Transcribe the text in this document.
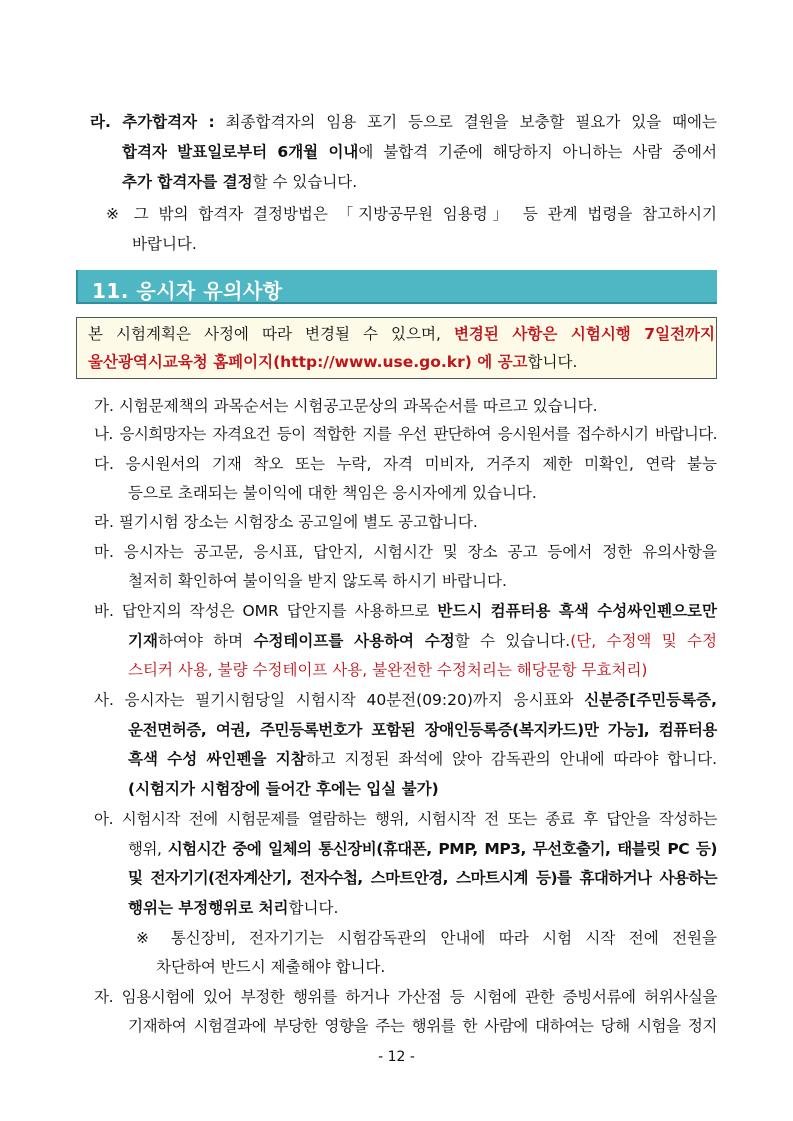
라. 추가합격자 : 최종합격자의 임용 포기 등으로 결원을 보충할 필요가 있을 때에는
합격자 발표일로부터 6개월 이내에 불합격 기준에 해당하지 아니하는 사람 중에서
추가 합격자를 결정할 수 있습니다.
※ 그 밖의 합격자 결정방법은 「지방공무원 임용령」 등 관계 법령을 참고하시기
바랍니다.
11. 응시자 유의사항
본 시험계획은 사정에 따라 변경될 수 있으며, 변경된 사항은 시험시행 7일전까지
울산광역시교육청 홈페이지(http://www.use.go.kr) 에 공고합니다.
가. 시험문제책의 과목순서는 시험공고문상의 과목순서를 따르고 있습니다.
나. 응시희망자는 자격요건 등이 적합한 지를 우선 판단하여 응시원서를 접수하시기 바랍니다.
다. 응시원서의 기재 착오 또는 누락, 자격 미비자, 거주지 제한 미확인, 연락 불능
등으로 초래되는 불이익에 대한 책임은 응시자에게 있습니다.
라. 필기시험 장소는 시험장소 공고일에 별도 공고합니다.
마. 응시자는 공고문, 응시표, 답안지, 시험시간 및 장소 공고 등에서 정한 유의사항을
철저히 확인하여 불이익을 받지 않도록 하시기 바랍니다.
바. 답안지의 작성은 OMR 답안지를 사용하므로 반드시 컴퓨터용 흑색 수성싸인펜으로만
기재하여야 하며 수정테이프를 사용하여 수정할 수 있습니다.(단, 수정액 및 수정
스티커 사용, 불량 수정테이프 사용, 불완전한 수정처리는 해당문항 무효처리)
사. 응시자는 필기시험당일 시험시작 40분전(09:20)까지 응시표와 신분증[주민등록증,
운전면허증, 여권, 주민등록번호가 포함된 장애인등록증(복지카드)만 가능], 컴퓨터용
흑색 수성 싸인펜을 지참하고 지정된 좌석에 앉아 감독관의 안내에 따라야 합니다.
(시험지가 시험장에 들어간 후에는 입실 불가)
아. 시험시작 전에 시험문제를 열람하는 행위, 시험시작 전 또는 종료 후 답안을 작성하는
행위, 시험시간 중에 일체의 통신장비(휴대폰, PMP, MP3, 무선호출기, 태블릿 PC 등)
및 전자기기(전자계산기, 전자수첩, 스마트안경, 스마트시계 등)를 휴대하거나 사용하는
행위는 부정행위로 처리합니다.
※ 통신장비, 전자기기는 시험감독관의 안내에 따라 시험 시작 전에 전원을
차단하여 반드시 제출해야 합니다.
자. 임용시험에 있어 부정한 행위를 하거나 가산점 등 시험에 관한 증빙서류에 허위사실을
기재하여 시험결과에 부당한 영향을 주는 행위를 한 사람에 대하여는 당해 시험을 정지
- 12 -
